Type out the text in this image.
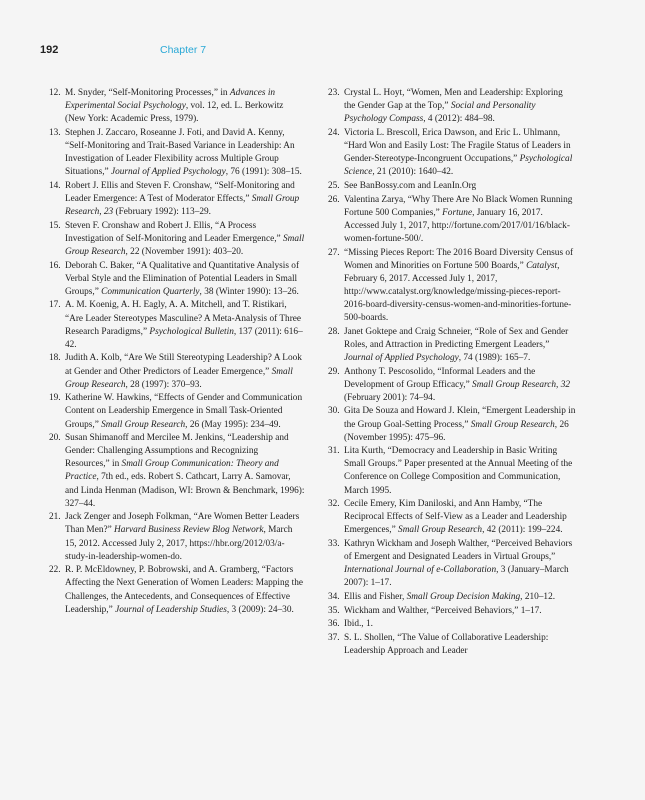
192	Chapter 7
12. M. Snyder, “Self-Monitoring Processes,” in Advances in Experimental Social Psychology, vol. 12, ed. L. Berkowitz (New York: Academic Press, 1979).
13. Stephen J. Zaccaro, Roseanne J. Foti, and David A. Kenny, “Self-Monitoring and Trait-Based Variance in Leadership: An Investigation of Leader Flexibility across Multiple Group Situations,” Journal of Applied Psychology, 76 (1991): 308–15.
14. Robert J. Ellis and Steven F. Cronshaw, “Self-Monitoring and Leader Emergence: A Test of Moderator Effects,” Small Group Research, 23 (February 1992): 113–29.
15. Steven F. Cronshaw and Robert J. Ellis, “A Process Investigation of Self-Monitoring and Leader Emergence,” Small Group Research, 22 (November 1991): 403–20.
16. Deborah C. Baker, “A Qualitative and Quantitative Analysis of Verbal Style and the Elimination of Potential Leaders in Small Groups,” Communication Quarterly, 38 (Winter 1990): 13–26.
17. A. M. Koenig, A. H. Eagly, A. A. Mitchell, and T. Ristikari, “Are Leader Stereotypes Masculine? A Meta-Analysis of Three Research Paradigms,” Psychological Bulletin, 137 (2011): 616–42.
18. Judith A. Kolb, “Are We Still Stereotyping Leadership? A Look at Gender and Other Predictors of Leader Emergence,” Small Group Research, 28 (1997): 370–93.
19. Katherine W. Hawkins, “Effects of Gender and Communication Content on Leadership Emergence in Small Task-Oriented Groups,” Small Group Research, 26 (May 1995): 234–49.
20. Susan Shimanoff and Mercilee M. Jenkins, “Leadership and Gender: Challenging Assumptions and Recognizing Resources,” in Small Group Communication: Theory and Practice, 7th ed., eds. Robert S. Cathcart, Larry A. Samovar, and Linda Henman (Madison, WI: Brown & Benchmark, 1996): 327–44.
21. Jack Zenger and Joseph Folkman, “Are Women Better Leaders Than Men?” Harvard Business Review Blog Network, March 15, 2012. Accessed July 2, 2017, https://hbr.org/2012/03/a-study-in-leadership-women-do.
22. R. P. McEldowney, P. Bobrowski, and A. Gramberg, “Factors Affecting the Next Generation of Women Leaders: Mapping the Challenges, the Antecedents, and Consequences of Effective Leadership,” Journal of Leadership Studies, 3 (2009): 24–30.
23. Crystal L. Hoyt, “Women, Men and Leadership: Exploring the Gender Gap at the Top,” Social and Personality Psychology Compass, 4 (2012): 484–98.
24. Victoria L. Brescoll, Erica Dawson, and Eric L. Uhlmann, “Hard Won and Easily Lost: The Fragile Status of Leaders in Gender-Stereotype-Incongruent Occupations,” Psychological Science, 21 (2010): 1640–42.
25. See BanBossy.com and LeanIn.Org
26. Valentina Zarya, “Why There Are No Black Women Running Fortune 500 Companies,” Fortune, January 16, 2017. Accessed July 1, 2017, http://fortune.com/2017/01/16/black-women-fortune-500/.
27. “Missing Pieces Report: The 2016 Board Diversity Census of Women and Minorities on Fortune 500 Boards,” Catalyst, February 6, 2017. Accessed July 1, 2017, http://www.catalyst.org/knowledge/missing-pieces-report-2016-board-diversity-census-women-and-minorities-fortune-500-boards.
28. Janet Goktepe and Craig Schneier, “Role of Sex and Gender Roles, and Attraction in Predicting Emergent Leaders,” Journal of Applied Psychology, 74 (1989): 165–7.
29. Anthony T. Pescosolido, “Informal Leaders and the Development of Group Efficacy,” Small Group Research, 32 (February 2001): 74–94.
30. Gita De Souza and Howard J. Klein, “Emergent Leadership in the Group Goal-Setting Process,” Small Group Research, 26 (November 1995): 475–96.
31. Lita Kurth, “Democracy and Leadership in Basic Writing Small Groups.” Paper presented at the Annual Meeting of the Conference on College Composition and Communication, March 1995.
32. Cecile Emery, Kim Daniloski, and Ann Hamby, “The Reciprocal Effects of Self-View as a Leader and Leadership Emergences,” Small Group Research, 42 (2011): 199–224.
33. Kathryn Wickham and Joseph Walther, “Perceived Behaviors of Emergent and Designated Leaders in Virtual Groups,” International Journal of e-Collaboration, 3 (January–March 2007): 1–17.
34. Ellis and Fisher, Small Group Decision Making, 210–12.
35. Wickham and Walther, “Perceived Behaviors,” 1–17.
36. Ibid., 1.
37. S. L. Shollen, “The Value of Collaborative Leadership: Leadership Approach and Leader
